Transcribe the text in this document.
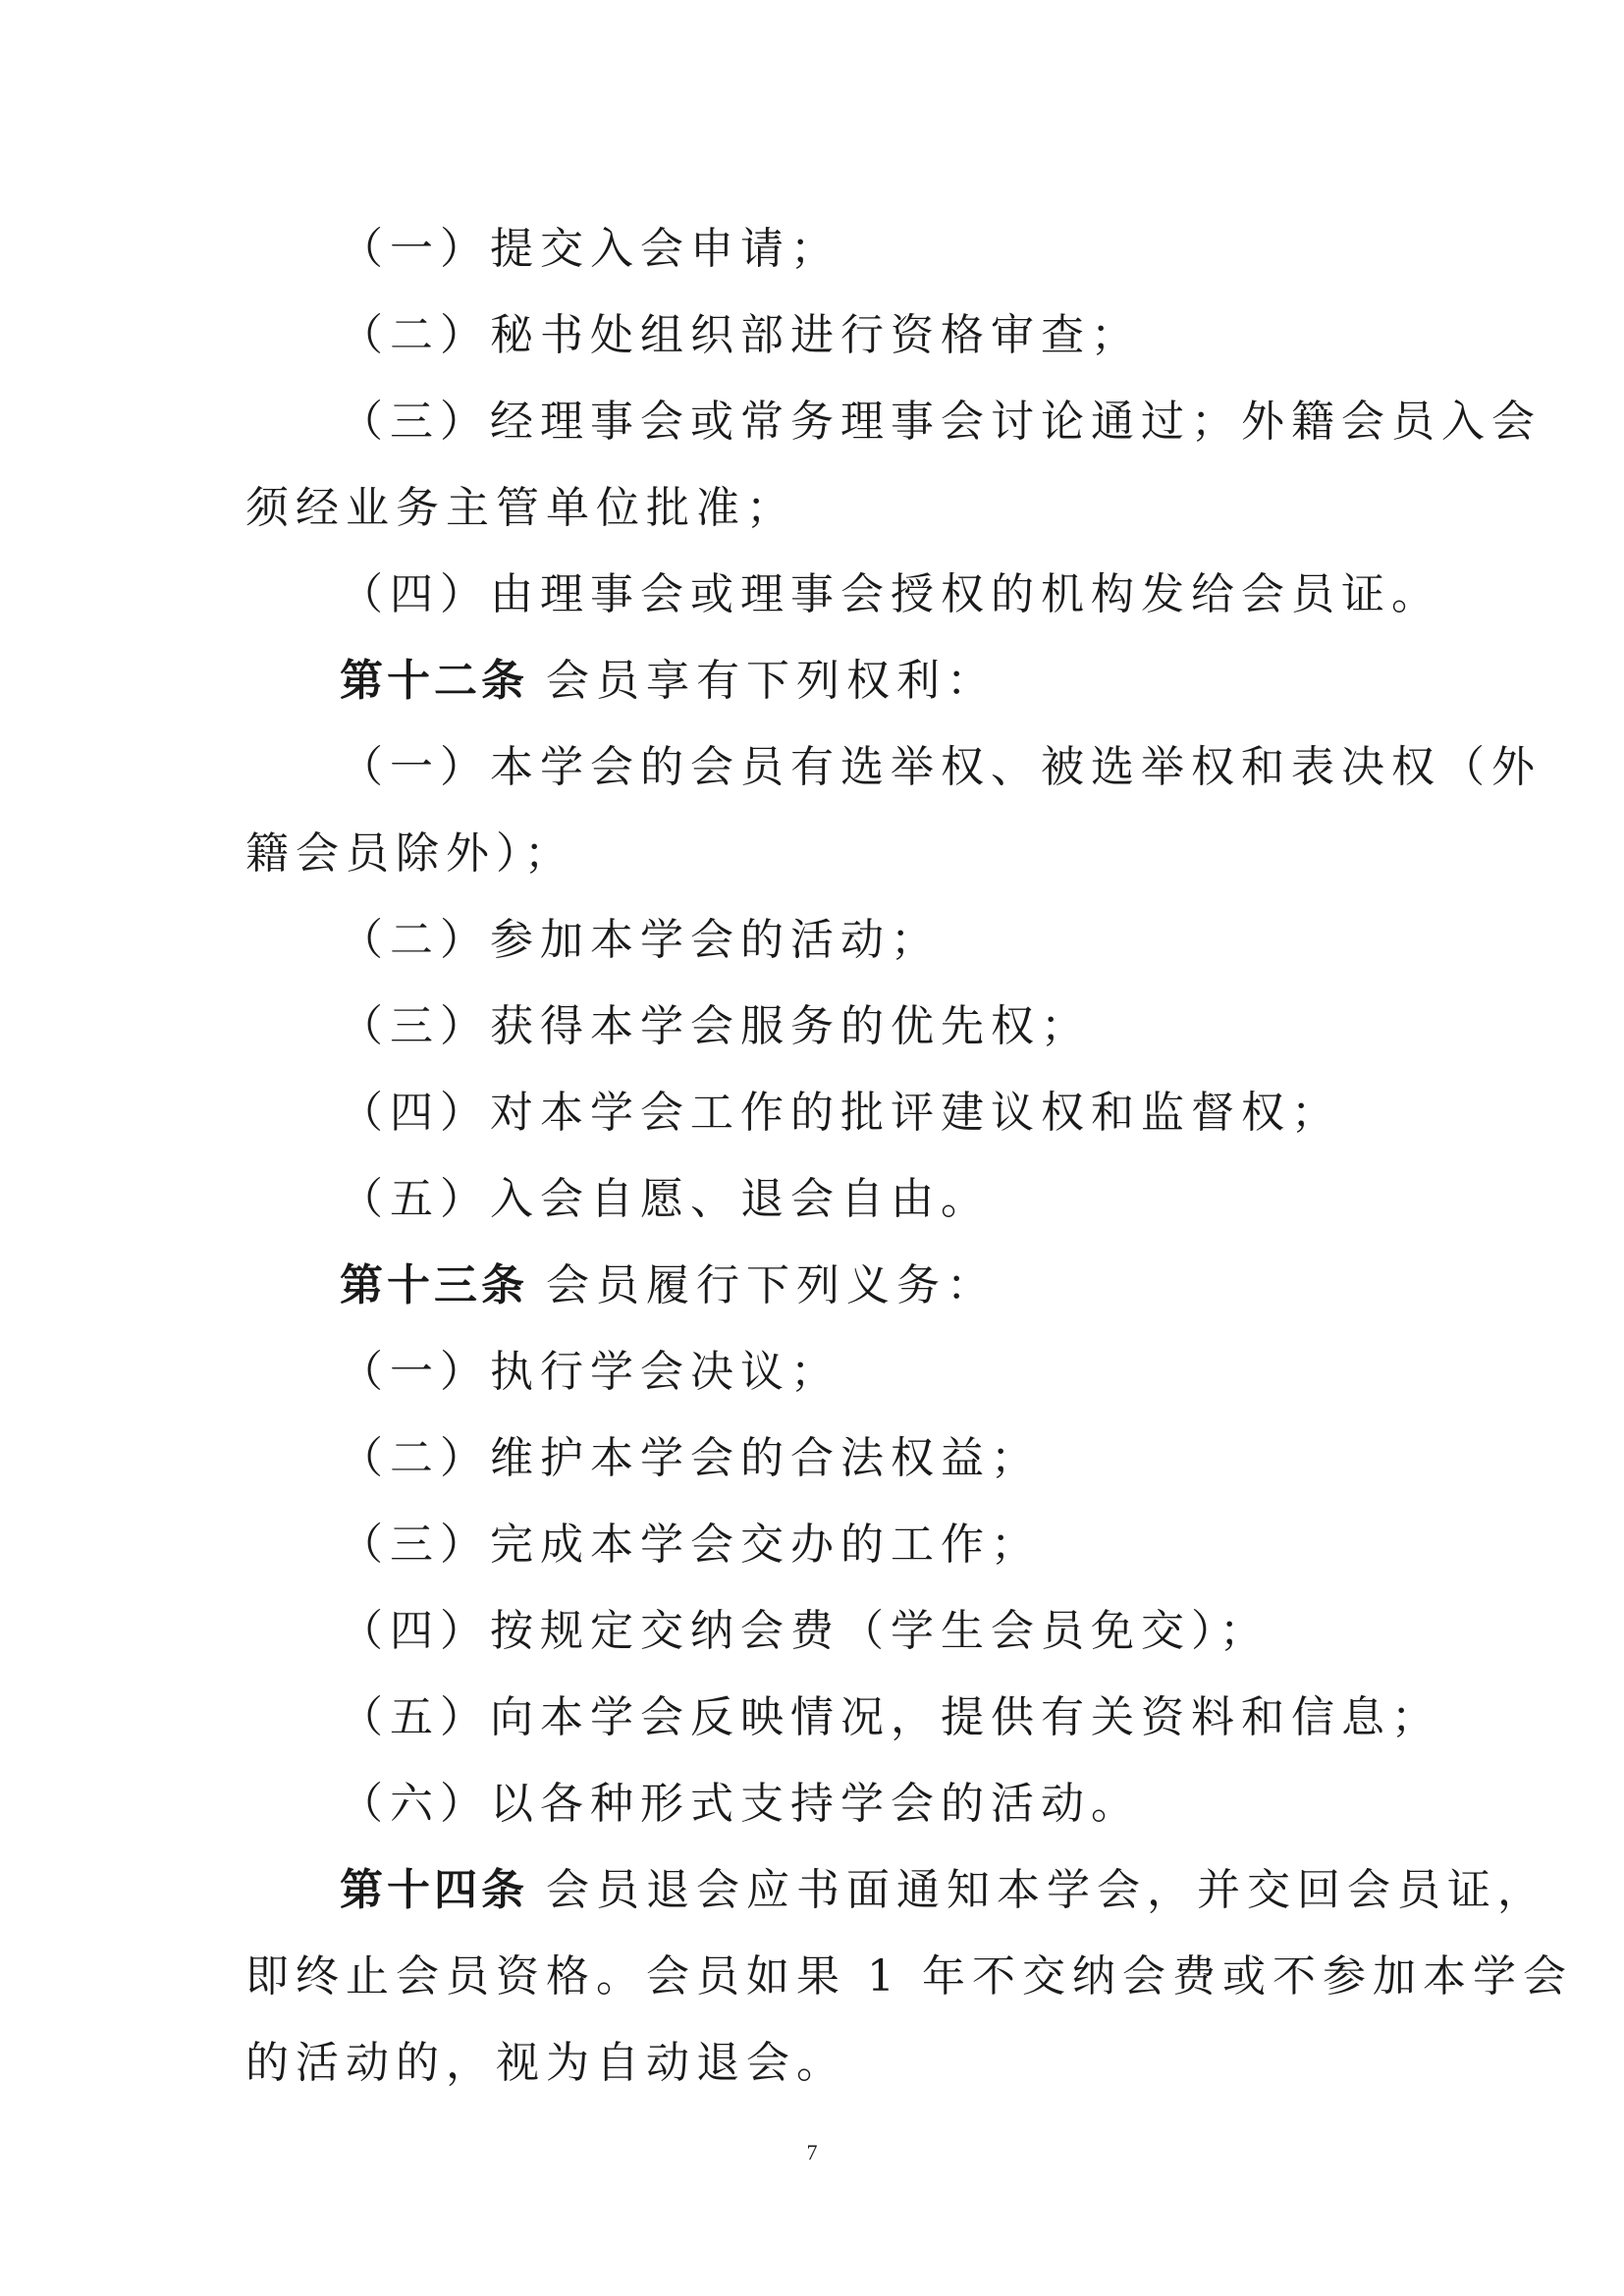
（一）提交入会申请；
（二）秘书处组织部进行资格审查；
（三）经理事会或常务理事会讨论通过；外籍会员入会
须经业务主管单位批准；
（四）由理事会或理事会授权的机构发给会员证。
第十二条 会员享有下列权利：
（一）本学会的会员有选举权、被选举权和表决权（外
籍会员除外）；
（二）参加本学会的活动；
（三）获得本学会服务的优先权；
（四）对本学会工作的批评建议权和监督权；
（五）入会自愿、退会自由。
第十三条 会员履行下列义务：
（一）执行学会决议；
（二）维护本学会的合法权益；
（三）完成本学会交办的工作；
（四）按规定交纳会费（学生会员免交）；
（五）向本学会反映情况，提供有关资料和信息；
（六）以各种形式支持学会的活动。
第十四条 会员退会应书面通知本学会，并交回会员证，
即终止会员资格。会员如果 1 年不交纳会费或不参加本学会
的活动的，视为自动退会。
7
